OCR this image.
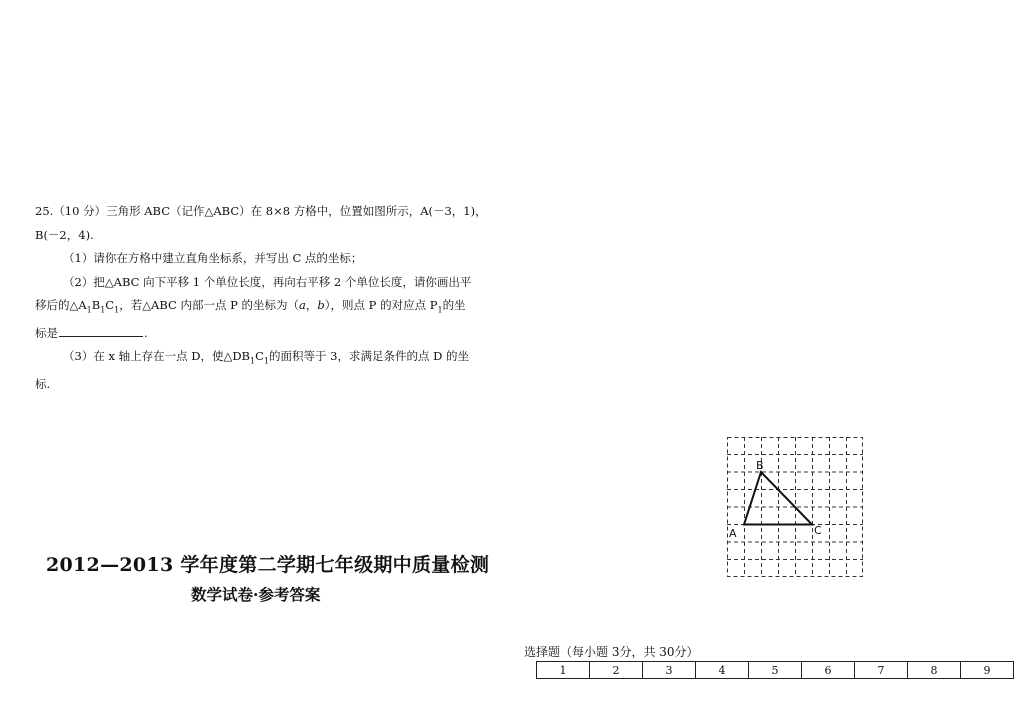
25.（10 分）三角形 ABC（记作△ABC）在 8×8 方格中，位置如图所示，A(－3，1)，

B(－2，4).

（1）请你在方格中建立直角坐标系，并写出 C 点的坐标；

（2）把△ABC 向下平移 1 个单位长度，再向右平移 2 个单位长度，请你画出平

移后的$\triangle A_1B_1C_1$，若△ABC 内部一点 P 的坐标为（a，b），则点 P 的对应点 $P_1$的坐

标是	.

（3）在 x 轴上存在一点 D，使$\triangle DB_1C_1$的面积等于 3，求满足条件的点 D 的坐

标.

A
B
C
2012—2013 学年度第二学期七年级期中质量检测
数学试卷·参考答案
选择题（每小题 3分，共 30分）
1	2	3	4	5	6	7	8	9
